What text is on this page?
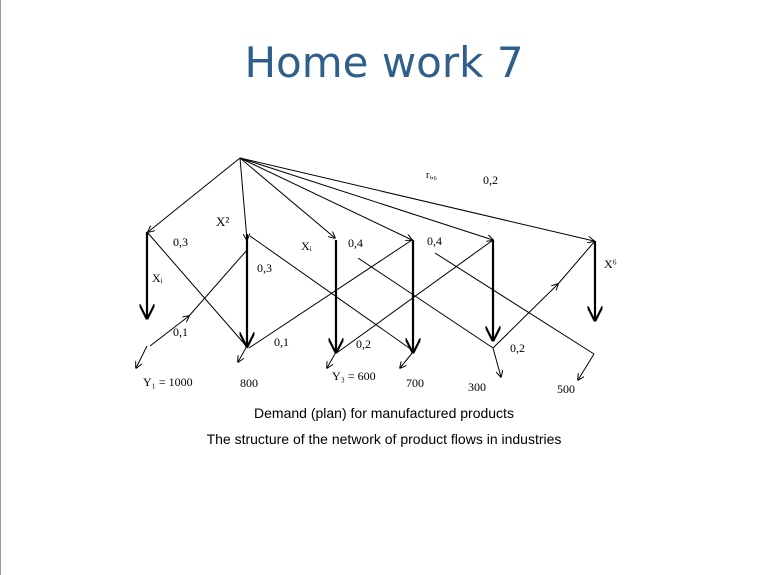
Home work 7
X²
Xᵢ
Xᵢ
X⁶
rᵢ,₆	0,2
0,3
0,3
0,4	0,4
0,1
0,1	0,2	0,2
Y₁ = 1000	800	Y₃ = 600	700	300	500
Demand (plan) for manufactured products
The structure of the network of product flows in industries
